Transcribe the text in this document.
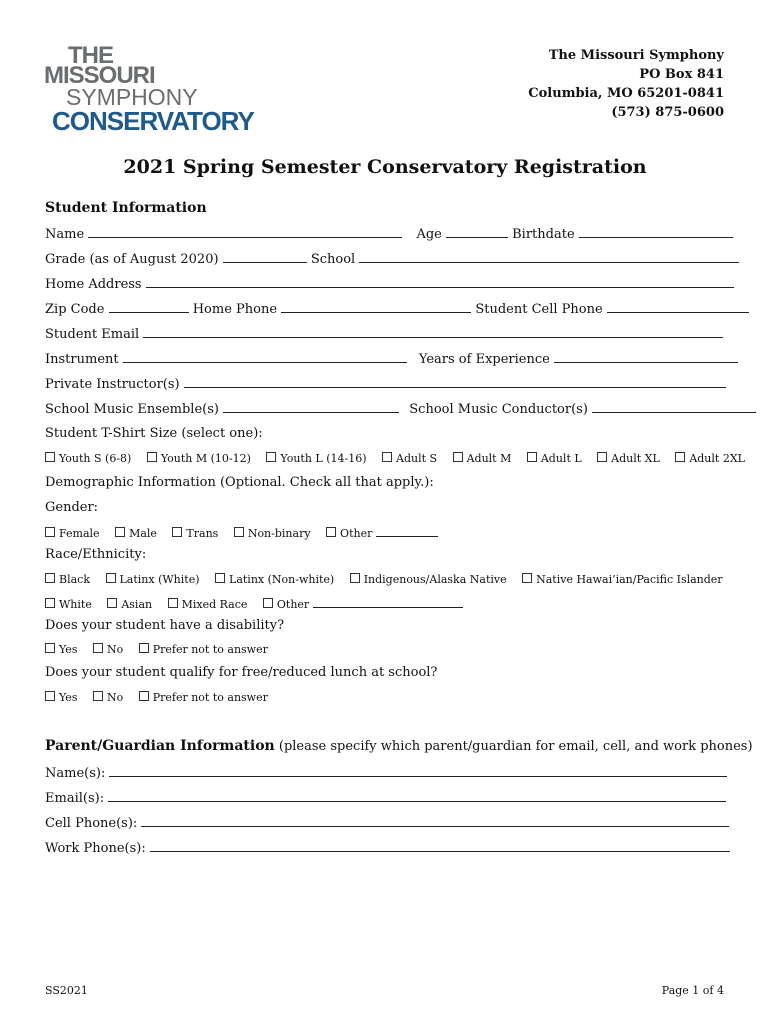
THE
MISSOURI
SYMPHONY
CONSERVATORY
The Missouri Symphony
PO Box 841
Columbia, MO 65201-0841
(573) 875-0600
2021 Spring Semester Conservatory Registration
Student Information
Name	Age	Birthdate
Grade (as of August 2020)	School
Home Address
Zip Code	Home Phone	Student Cell Phone
Student Email
Instrument	Years of Experience
Private Instructor(s)
School Music Ensemble(s)	School Music Conductor(s)
Student T-Shirt Size (select one):
Youth S (6-8)	Youth M (10-12)	Youth L (14-16)	Adult S	Adult M	Adult L	Adult XL	Adult 2XL
Demographic Information (Optional. Check all that apply.):
Gender:
Female	Male	Trans	Non-binary	Other
Race/Ethnicity:
Black	Latinx (White)	Latinx (Non-white)	Indigenous/Alaska Native	Native Hawai’ian/Pacific Islander
White	Asian	Mixed Race	Other
Does your student have a disability?
Yes	No	Prefer not to answer
Does your student qualify for free/reduced lunch at school?
Yes	No	Prefer not to answer
Parent/Guardian Information (please specify which parent/guardian for email, cell, and work phones)
Name(s):
Email(s):
Cell Phone(s):
Work Phone(s):
SS2021	Page 1 of 4
